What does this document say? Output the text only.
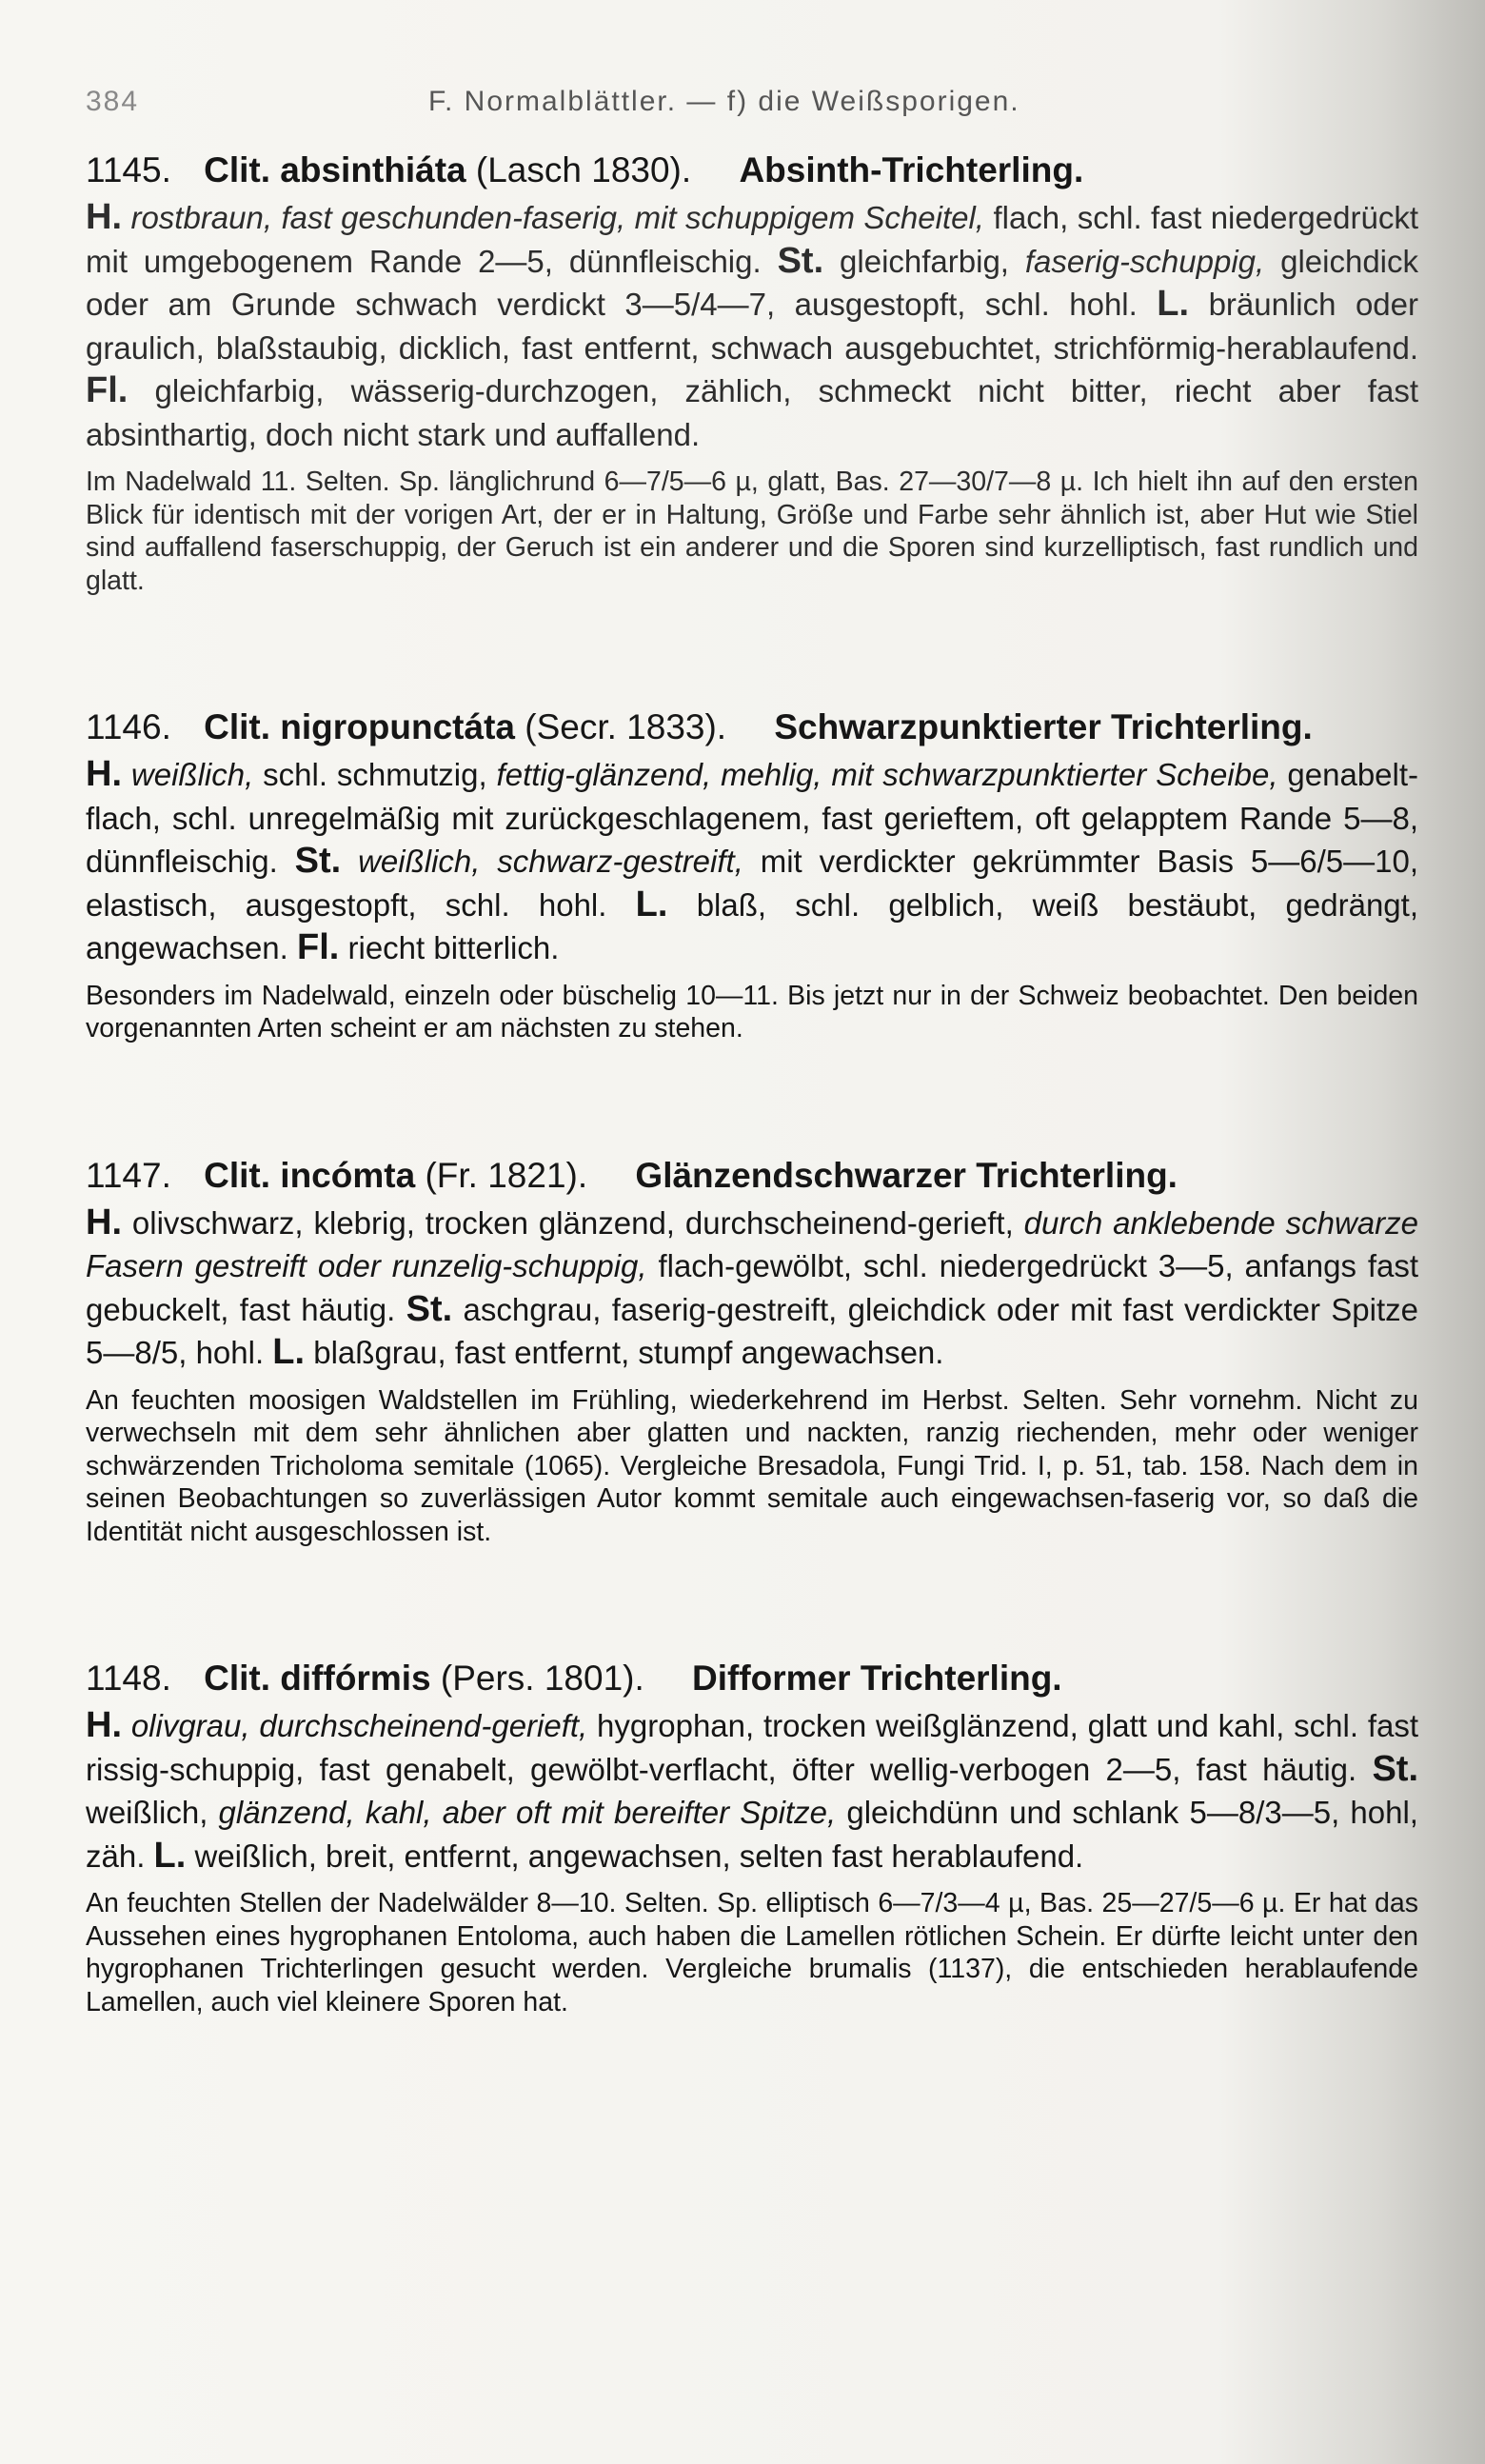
384	F. Normalblättler. — f) die Weißsporigen.
1145. Clit. absinthiáta (Lasch 1830). Absinth-Trichterling.

H. rostbraun, fast geschunden-faserig, mit schuppigem Scheitel, flach, schl. fast niedergedrückt mit umgebogenem Rande 2—5, dünnfleischig. St. gleichfarbig, faserig-schuppig, gleichdick oder am Grunde schwach verdickt 3—5/4—7, ausgestopft, schl. hohl. L. bräunlich oder graulich, blaßstaubig, dicklich, fast entfernt, schwach ausgebuchtet, strichförmig-herablaufend. Fl. gleichfarbig, wässerig-durchzogen, zählich, schmeckt nicht bitter, riecht aber fast absinthartig, doch nicht stark und auffallend.

Im Nadelwald 11. Selten. Sp. länglichrund 6—7/5—6 µ, glatt, Bas. 27—30/7—8 µ. Ich hielt ihn auf den ersten Blick für identisch mit der vorigen Art, der er in Haltung, Größe und Farbe sehr ähnlich ist, aber Hut wie Stiel sind auffallend faserschuppig, der Geruch ist ein anderer und die Sporen sind kurzelliptisch, fast rundlich und glatt.

1146. Clit. nigropunctáta (Secr. 1833). Schwarzpunktierter Trichterling.

H. weißlich, schl. schmutzig, fettig-glänzend, mehlig, mit schwarzpunktierter Scheibe, genabelt-flach, schl. unregelmäßig mit zurückgeschlagenem, fast gerieftem, oft gelapptem Rande 5—8, dünnfleischig. St. weißlich, schwarz-gestreift, mit verdickter gekrümmter Basis 5—6/5—10, elastisch, ausgestopft, schl. hohl. L. blaß, schl. gelblich, weiß bestäubt, gedrängt, angewachsen. Fl. riecht bitterlich.

Besonders im Nadelwald, einzeln oder büschelig 10—11. Bis jetzt nur in der Schweiz beobachtet. Den beiden vorgenannten Arten scheint er am nächsten zu stehen.

1147. Clit. incómta (Fr. 1821). Glänzendschwarzer Trichterling.

H. olivschwarz, klebrig, trocken glänzend, durchscheinend-gerieft, durch anklebende schwarze Fasern gestreift oder runzelig-schuppig, flach-gewölbt, schl. niedergedrückt 3—5, anfangs fast gebuckelt, fast häutig. St. aschgrau, faserig-gestreift, gleichdick oder mit fast verdickter Spitze 5—8/5, hohl. L. blaßgrau, fast entfernt, stumpf angewachsen.

An feuchten moosigen Waldstellen im Frühling, wiederkehrend im Herbst. Selten. Sehr vornehm. Nicht zu verwechseln mit dem sehr ähnlichen aber glatten und nackten, ranzig riechenden, mehr oder weniger schwärzenden Tricholoma semitale (1065). Vergleiche Bresadola, Fungi Trid. I, p. 51, tab. 158. Nach dem in seinen Beobachtungen so zuverlässigen Autor kommt semitale auch eingewachsen-faserig vor, so daß die Identität nicht ausgeschlossen ist.

1148. Clit. diffórmis (Pers. 1801). Difformer Trichterling.

H. olivgrau, durchscheinend-gerieft, hygrophan, trocken weißglänzend, glatt und kahl, schl. fast rissig-schuppig, fast genabelt, gewölbt-verflacht, öfter wellig-verbogen 2—5, fast häutig. St. weißlich, glänzend, kahl, aber oft mit bereifter Spitze, gleichdünn und schlank 5—8/3—5, hohl, zäh. L. weißlich, breit, entfernt, angewachsen, selten fast herablaufend.

An feuchten Stellen der Nadelwälder 8—10. Selten. Sp. elliptisch 6—7/3—4 µ, Bas. 25—27/5—6 µ. Er hat das Aussehen eines hygrophanen Entoloma, auch haben die Lamellen rötlichen Schein. Er dürfte leicht unter den hygrophanen Trichterlingen gesucht werden. Vergleiche brumalis (1137), die entschieden herablaufende Lamellen, auch viel kleinere Sporen hat.
